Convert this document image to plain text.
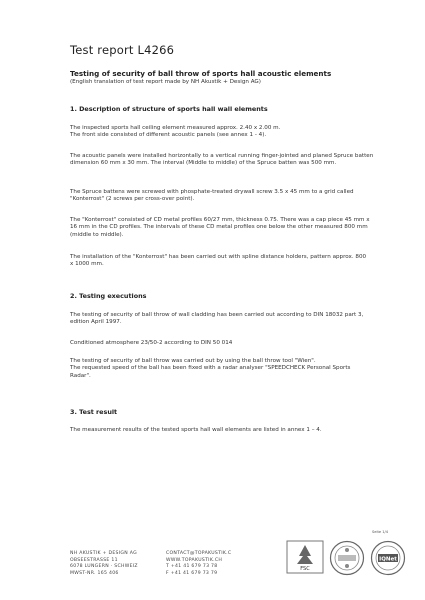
Test report L4266
Testing of security of ball throw of sports hall acoustic elements
(English translation of test report made by NH Akustik + Design AG)
1. Description of structure of sports hall wall elements
The inspected sports hall ceiling element measured approx. 2.40 x 2.00 m.
The front side consisted of different acoustic panels (see annex 1 - 4).
The acoustic panels were installed horizontally to a vertical running finger-jointed and planed Spruce batten dimension 60 mm x 30 mm. The interval (Middle to middle) of the Spruce batten was 500 mm.
The Spruce battens were screwed with phosphate-treated drywall screw 3.5 x 45 mm to a grid called "Konterrost" (2 screws per cross-over point).
The "Konterrost" consisted of CD metal profiles 60/27 mm, thickness 0.75. There was a cap piece 45 mm x 16 mm in the CD profiles. The intervals of these CD metal profiles one below the other measured 800 mm (middle to middle).
The installation of the "Konterrost" has been carried out with spline distance holders, pattern approx. 800 x 1000 mm.
2. Testing executions
The testing of security of ball throw of wall cladding has been carried out according to DIN 18032 part 3, edition April 1997.
Conditioned atmosphere 23/50-2 according to DIN 50 014
The testing of security of ball throw was carried out by using the ball throw tool "Wien".
The requested speed of the ball has been fixed with a radar analyser "SPEEDCHECK Personal Sports Radar".
3. Test result
The measurement results of the tested sports hall wall elements are listed in annex 1 – 4.
Seite 1/4
NH AKUSTIK + DESIGN AG
OBSEESTRASSE 11
6078 LUNGERN · SCHWEIZ
MWST-NR. 165 406
CONTACT@TOPAKUSTIK.C
WWW.TOPAKUSTIK.CH
T +41 41 679 73 78
F +41 41 679 73 79
FSC
IQNet
